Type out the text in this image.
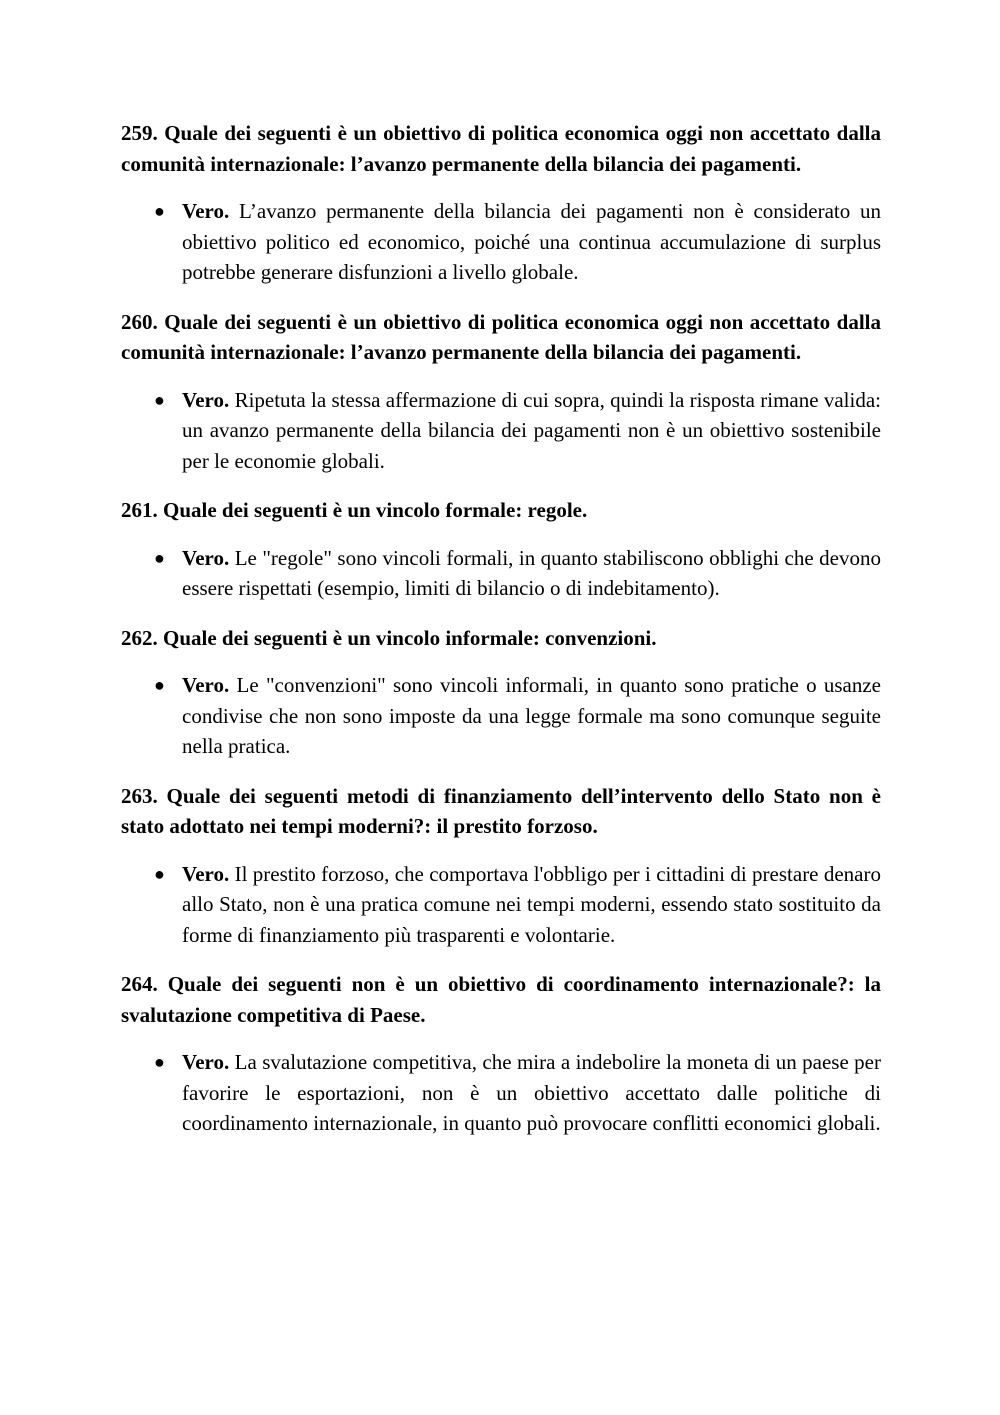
259. Quale dei seguenti è un obiettivo di politica economica oggi non accettato dalla comunità internazionale: l’avanzo permanente della bilancia dei pagamenti.

● Vero. L’avanzo permanente della bilancia dei pagamenti non è considerato un obiettivo politico ed economico, poiché una continua accumulazione di surplus potrebbe generare disfunzioni a livello globale.

260. Quale dei seguenti è un obiettivo di politica economica oggi non accettato dalla comunità internazionale: l’avanzo permanente della bilancia dei pagamenti.

● Vero. Ripetuta la stessa affermazione di cui sopra, quindi la risposta rimane valida: un avanzo permanente della bilancia dei pagamenti non è un obiettivo sostenibile per le economie globali.

261. Quale dei seguenti è un vincolo formale: regole.

● Vero. Le "regole" sono vincoli formali, in quanto stabiliscono obblighi che devono essere rispettati (esempio, limiti di bilancio o di indebitamento).

262. Quale dei seguenti è un vincolo informale: convenzioni.

● Vero. Le "convenzioni" sono vincoli informali, in quanto sono pratiche o usanze condivise che non sono imposte da una legge formale ma sono comunque seguite nella pratica.

263. Quale dei seguenti metodi di finanziamento dell’intervento dello Stato non è stato adottato nei tempi moderni?: il prestito forzoso.

● Vero. Il prestito forzoso, che comportava l'obbligo per i cittadini di prestare denaro allo Stato, non è una pratica comune nei tempi moderni, essendo stato sostituito da forme di finanziamento più trasparenti e volontarie.

264. Quale dei seguenti non è un obiettivo di coordinamento internazionale?: la svalutazione competitiva di Paese.

● Vero. La svalutazione competitiva, che mira a indebolire la moneta di un paese per favorire le esportazioni, non è un obiettivo accettato dalle politiche di coordinamento internazionale, in quanto può provocare conflitti economici globali.
